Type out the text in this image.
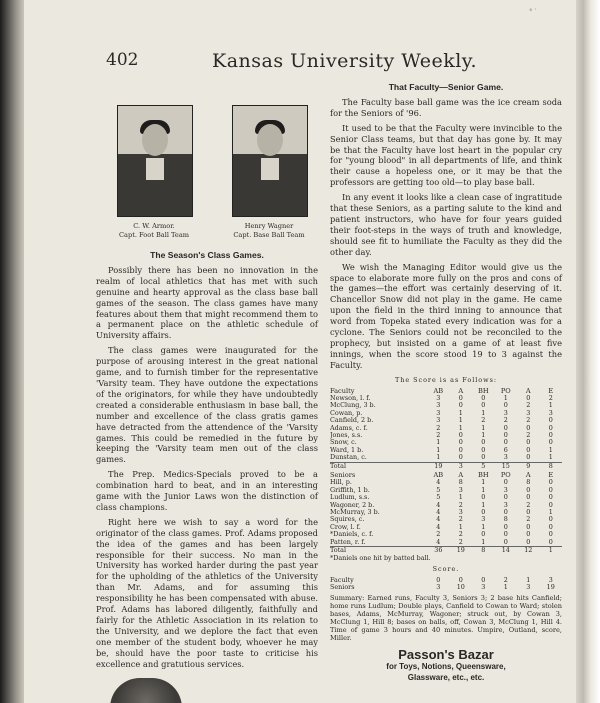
° ′
402	Kansas University Weekly.
C. W. Armor.
Capt. Foot Ball Team
Henry Wagner
Capt. Base Ball Team
The Season's Class Games.

Possibly there has been no innovation in the realm of local athletics that has met with such genuine and hearty approval as the class base ball games of the season. The class games have many features about them that might recommend them to a permanent place on the athletic schedule of University affairs.

The class games were inaugurated for the purpose of arousing interest in the great national game, and to furnish timber for the representative 'Varsity team. They have outdone the expectations of the originators, for while they have undoubtedly created a considerable enthusiasm in base ball, the number and excellence of the class gratis games have detracted from the attendence of the 'Varsity games. This could be remedied in the future by keeping the 'Varsity team men out of the class games.

The Prep. Medics-Specials proved to be a combination hard to beat, and in an interesting game with the Junior Laws won the distinction of class champions.

Right here we wish to say a word for the originator of the class games. Prof. Adams proposed the idea of the games and has been largely responsible for their success. No man in the University has worked harder during the past year for the upholding of the athletics of the University than Mr. Adams, and for assuming this responsibility he has been compensated with abuse. Prof. Adams has labored diligently, faithfully and fairly for the Athletic Association in its relation to the University, and we deplore the fact that even one member of the student body, whoever he may be, should have the poor taste to criticise his excellence and gratutious services.

That Faculty—Senior Game.

The Faculty base ball game was the ice cream soda for the Seniors of '96.

It used to be that the Faculty were invincible to the Senior Class teams, but that day has gone by. It may be that the Faculty have lost heart in the popular cry for "young blood" in all departments of life, and think their cause a hopeless one, or it may be that the professors are getting too old—to play base ball.

In any event it looks like a clean case of ingratitude that these Seniors, as a parting salute to the kind and patient instructors, who have for four years guided their foot-steps in the ways of truth and knowledge, should see fit to humiliate the Faculty as they did the other day.

We wish the Managing Editor would give us the space to elaborate more fully on the pros and cons of the games—the effort was certainly deserving of it. Chancellor Snow did not play in the game. He came upon the field in the third inning to announce that word from Topeka stated every indication was for a cyclone. The Seniors could not be reconciled to the prophecy, but insisted on a game of at least five innings, when the score stood 19 to 3 against the Faculty.

The Score is as Follows:
Faculty	AB	A	BH	PO	A	E
Newson, l. f.	3	0	0	1	0	2
McClung, 3 b.	3	0	0	0	2	1
Cowan, p.	3	1	1	3	3	3
Canfield, 2 b.	3	1	2	2	2	0
Adams, c. f.	2	1	1	0	0	0
Jones, s.s.	2	0	1	0	2	0
Snow, c.	1	0	0	0	0	0
Ward, 1 b.	1	0	0	6	0	1
Dunstan, c.	1	0	0	3	0	1
Total	19	3	5	15	9	8
Seniors	AB	A	BH	PO	A	E
Hill, p.	4	8	1	0	8	0
Griffith, 1 b.	5	3	1	3	0	0
Ludlum, s.s.	5	1	0	0	0	0
Wagoner, 2 b.	4	2	1	3	2	0
McMurray, 3 b.	4	3	0	0	0	1
Squires, c.	4	2	3	8	2	0
Crow, l. f.	4	1	1	0	0	0
*Daniels, c. f.	2	2	0	0	0	0
Patten, r. f.	4	2	1	0	0	0
Total	36	19	8	14	12	1
*Daniels one hit by batted ball.
Score.
Faculty	0	0	0	2	1	3
Seniors	3	10	3	1	3	19
Summary: Earned runs, Faculty 3, Seniors 3; 2 base hits Canfield; home runs Ludlum; Double plays, Canfield to Cowan to Ward; stolen bases, Adams, McMurray, Wagoner; struck out, by Cowan 3, McClung 1, Hill 8; bases on balls, off, Cowan 3, McClung 1, Hill 4. Time of game 3 hours and 40 minutes. Umpire, Outland, score, Miller.
Passon's Bazar
for Toys, Notions, Queensware,
Glassware, etc., etc.
